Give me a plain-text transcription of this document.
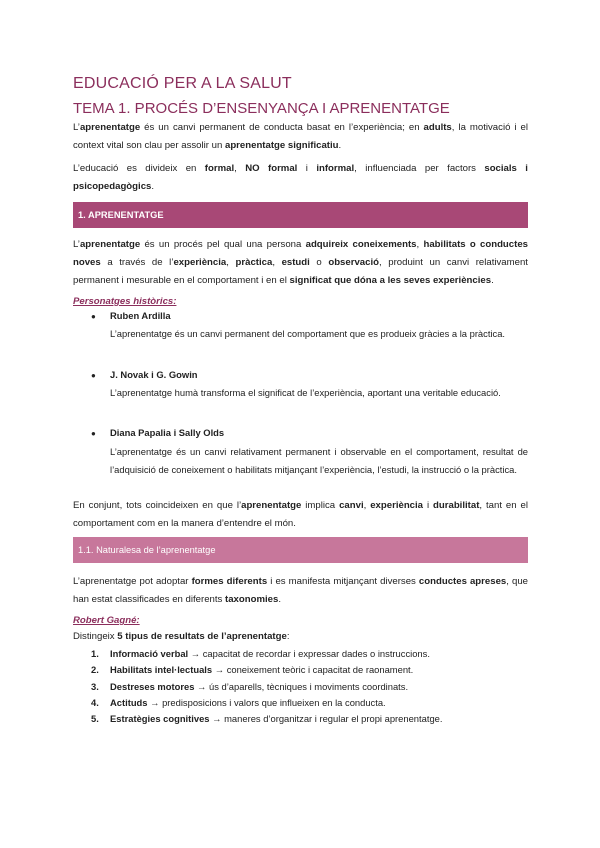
EDUCACIÓ PER A LA SALUT
TEMA 1. PROCÉS D’ENSENYANÇA I APRENENTATGE
L’aprenentatge és un canvi permanent de conducta basat en l’experiència; en adults, la motivació i el context vital son clau per assolir un aprenentatge significatiu.
L’educació es divideix en formal, NO formal i informal, influenciada per factors socials i psicopedagògics.
1. APRENENTATGE
L’aprenentatge és un procés pel qual una persona adquireix coneixements, habilitats o conductes noves a través de l’experiència, pràctica, estudi o observació, produint un canvi relativament permanent i mesurable en el comportament i en el significat que dóna a les seves experiències.
Personatges històrics:
● Ruben Ardilla
L’aprenentatge és un canvi permanent del comportament que es produeix gràcies a la pràctica.
● J. Novak i G. Gowin
L’aprenentatge humà transforma el significat de l’experiència, aportant una veritable educació.
● Diana Papalia i Sally Olds
L’aprenentatge és un canvi relativament permanent i observable en el comportament, resultat de l’adquisició de coneixement o habilitats mitjançant l’experiència, l’estudi, la instrucció o la pràctica.
En conjunt, tots coincideixen en que l’aprenentatge implica canvi, experiència i durabilitat, tant en el comportament com en la manera d’entendre el món.
1.1. Naturalesa de l’aprenentatge
L’aprenentatge pot adoptar formes diferents i es manifesta mitjançant diverses conductes apreses, que han estat classificades en diferents taxonomies.
Robert Gagné:
Distingeix 5 tipus de resultats de l’aprenentatge:
1. Informació verbal → capacitat de recordar i expressar dades o instruccions.
2. Habilitats intel·lectuals → coneixement teòric i capacitat de raonament.
3. Destreses motores → ús d’aparells, tècniques i moviments coordinats.
4. Actituds → predisposicions i valors que influeixen en la conducta.
5. Estratègies cognitives → maneres d’organitzar i regular el propi aprenentatge.
